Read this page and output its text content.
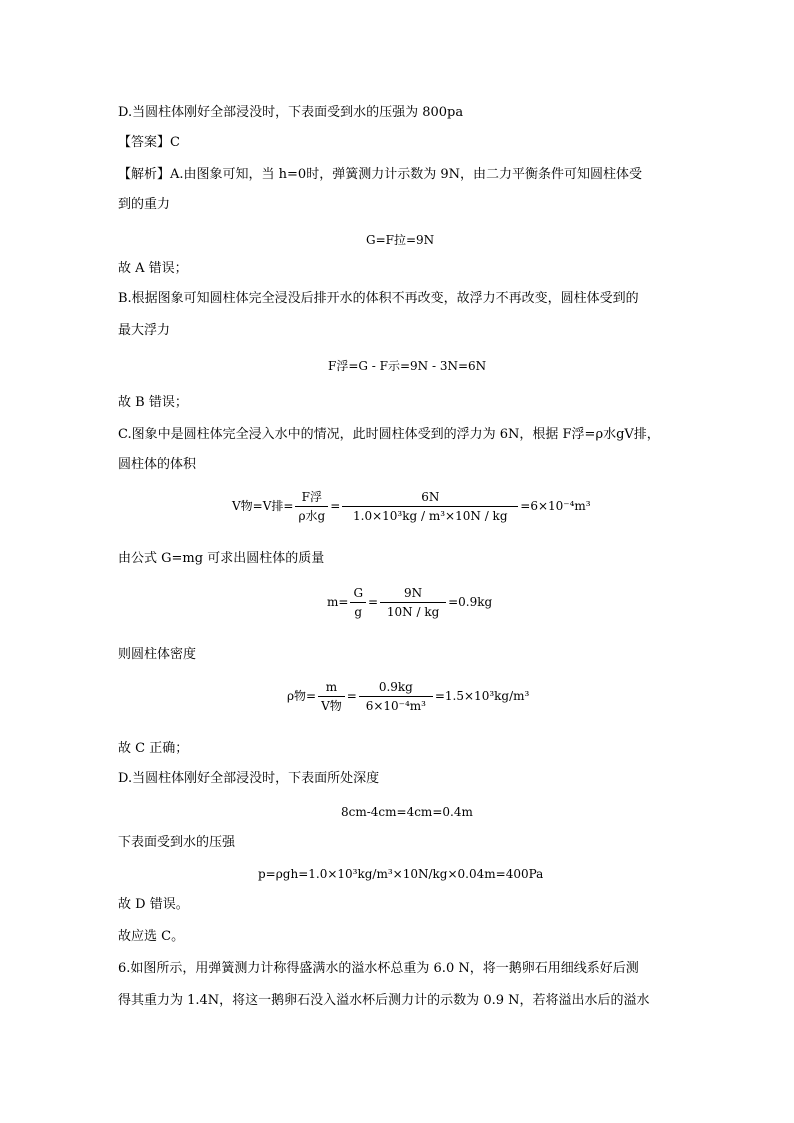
D.当圆柱体刚好全部浸没时，下表面受到水的压强为 800pa
【答案】C
【解析】A.由图象可知，当 h=0时，弹簧测力计示数为 9N，由二力平衡条件可知圆柱体受
到的重力
G=F拉=9N
故 A 错误；
B.根据图象可知圆柱体完全浸没后排开水的体积不再改变，故浮力不再改变，圆柱体受到的
最大浮力
F浮=G - F示=9N - 3N=6N
故 B 错误；
C.图象中是圆柱体完全浸入水中的情况，此时圆柱体受到的浮力为 6N，根据 F浮=ρ水gV排，
圆柱体的体积
V物=V排= $\frac{\text{F浮}}{\text{ρ水g}} = \frac{6N}{\text{1.0×10³kg / m³×10N / kg}} =6\times 10^{-4}m^3$
由公式 G=mg 可求出圆柱体的质量
$m= \frac{G}{g} = \frac{9N}{10N / kg} =0.9kg$
则圆柱体密度
ρ物= $\frac{m}{\text{V物}} = \frac{0.9kg}{\text{6×10⁻⁴m³}} =1.5\times 10^3kg/m^3$
故 C 正确；
D.当圆柱体刚好全部浸没时，下表面所处深度
8cm-4cm=4cm=0.4m
下表面受到水的压强
p=ρgh=1.0×10³kg/m³×10N/kg×0.04m=400Pa
故 D 错误。
故应选 C。
6.如图所示，用弹簧测力计称得盛满水的溢水杯总重为 6.0 N，将一鹅卵石用细线系好后测
得其重力为 1.4N，将这一鹅卵石没入溢水杯后测力计的示数为 0.9 N，若将溢出水后的溢水
